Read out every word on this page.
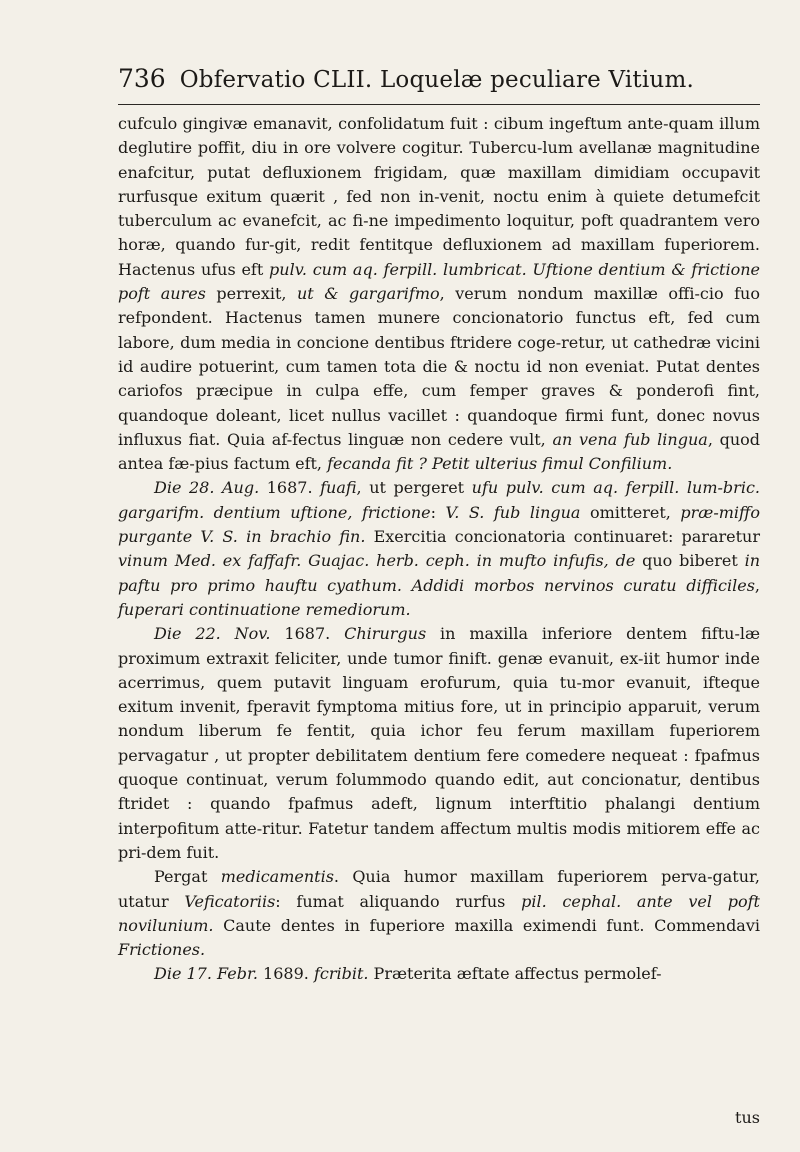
736 Obfervatio CLII. Loquelæ peculiare Vitium.

cufculo gingivæ emanavit, confolidatum fuit : cibum ingeftum ante-quam illum deglutire poffit, diu in ore volvere cogitur. Tubercu-lum avellanæ magnitudine enafcitur, putat defluxionem frigidam, quæ maxillam dimidiam occupavit rurfusque exitum quærit , fed non in-venit, noctu enim à quiete detumefcit tuberculum ac evanefcit, ac fi-ne impedimento loquitur, poft quadrantem vero horæ, quando fur-git, redit fentitque defluxionem ad maxillam fuperiorem. Hactenus ufus eft pulv. cum aq. ferpill. lumbricat. Uftione dentium & frictione poft aures perrexit, ut & gargarifmo, verum nondum maxillæ offi-cio fuo refpondent. Hactenus tamen munere concionatorio functus eft, fed cum labore, dum media in concione dentibus ftridere coge-retur, ut cathedræ vicini id audire potuerint, cum tamen tota die & noctu id non eveniat. Putat dentes cariofos præcipue in culpa effe, cum femper graves & ponderofi fint, quandoque doleant, licet nullus vacillet : quandoque firmi funt, donec novus influxus fiat. Quia af-fectus linguæ non cedere vult, an vena fub lingua, quod antea fæ-pius factum eft, fecanda fit ? Petit ulterius fimul Confilium.

Die 28. Aug. 1687. fuafi, ut pergeret ufu pulv. cum aq. ferpill. lum-bric. gargarifm. dentium uftione, frictione: V. S. fub lingua omitteret, præ-miffo purgante V. S. in brachio fin. Exercitia concionatoria continuaret: pararetur vinum Med. ex faffafr. Guajac. herb. ceph. in mufto infufis, de quo biberet in paftu pro primo hauftu cyathum. Addidi morbos nervinos curatu difficiles, fuperari continuatione remediorum.

Die 22. Nov. 1687. Chirurgus in maxilla inferiore dentem fiftu-læ proximum extraxit feliciter, unde tumor finift. genæ evanuit, ex-iit humor inde acerrimus, quem putavit linguam erofurum, quia tu-mor evanuit, ifteque exitum invenit, fperavit fymptoma mitius fore, ut in principio apparuit, verum nondum liberum fe fentit, quia ichor feu ferum maxillam fuperiorem pervagatur , ut propter debilitatem dentium fere comedere nequeat : fpafmus quoque continuat, verum folummodo quando edit, aut concionatur, dentibus ftridet : quando fpafmus adeft, lignum interftitio phalangi dentium interpofitum atte-ritur. Fatetur tandem affectum multis modis mitiorem effe ac pri-dem fuit.

Pergat medicamentis. Quia humor maxillam fuperiorem perva-gatur, utatur Veficatoriis: fumat aliquando rurfus pil. cephal. ante vel poft novilunium. Caute dentes in fuperiore maxilla eximendi funt. Commendavi Frictiones.

Die 17. Febr. 1689. fcribit. Præterita æftate affectus permolef-

tus
